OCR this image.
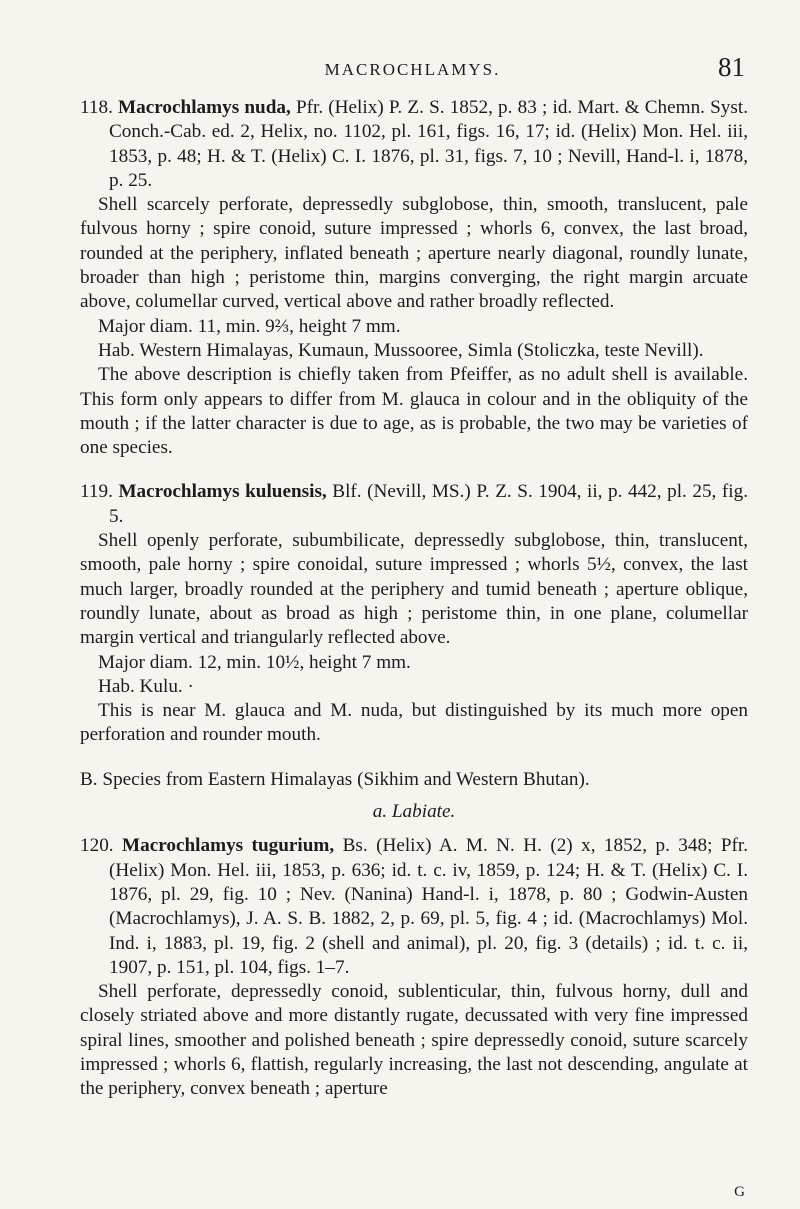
MACROCHLAMYS.	81

118. Macrochlamys nuda, Pfr. (Helix) P. Z. S. 1852, p. 83 ; id. Mart. & Chemn. Syst. Conch.-Cab. ed. 2, Helix, no. 1102, pl. 161, figs. 16, 17; id. (Helix) Mon. Hel. iii, 1853, p. 48; H. & T. (Helix) C. I. 1876, pl. 31, figs. 7, 10 ; Nevill, Hand-l. i, 1878, p. 25.

Shell scarcely perforate, depressedly subglobose, thin, smooth, translucent, pale fulvous horny ; spire conoid, suture impressed ; whorls 6, convex, the last broad, rounded at the periphery, inflated beneath ; aperture nearly diagonal, roundly lunate, broader than high ; peristome thin, margins converging, the right margin arcuate above, columellar curved, vertical above and rather broadly reflected.

Major diam. 11, min. 9⅔, height 7 mm.

Hab. Western Himalayas, Kumaun, Mussooree, Simla (Stoliczka, teste Nevill).

The above description is chiefly taken from Pfeiffer, as no adult shell is available. This form only appears to differ from M. glauca in colour and in the obliquity of the mouth ; if the latter character is due to age, as is probable, the two may be varieties of one species.

119. Macrochlamys kuluensis, Blf. (Nevill, MS.) P. Z. S. 1904, ii, p. 442, pl. 25, fig. 5.

Shell openly perforate, subumbilicate, depressedly subglobose, thin, translucent, smooth, pale horny ; spire conoidal, suture impressed ; whorls 5½, convex, the last much larger, broadly rounded at the periphery and tumid beneath ; aperture oblique, roundly lunate, about as broad as high ; peristome thin, in one plane, columellar margin vertical and triangularly reflected above.

Major diam. 12, min. 10½, height 7 mm.

Hab. Kulu. ·

This is near M. glauca and M. nuda, but distinguished by its much more open perforation and rounder mouth.

B. Species from Eastern Himalayas (Sikhim and Western Bhutan).

a. Labiate.

120. Macrochlamys tugurium, Bs. (Helix) A. M. N. H. (2) x, 1852, p. 348; Pfr. (Helix) Mon. Hel. iii, 1853, p. 636; id. t. c. iv, 1859, p. 124; H. & T. (Helix) C. I. 1876, pl. 29, fig. 10 ; Nev. (Nanina) Hand-l. i, 1878, p. 80 ; Godwin-Austen (Macrochlamys), J. A. S. B. 1882, 2, p. 69, pl. 5, fig. 4 ; id. (Macrochlamys) Mol. Ind. i, 1883, pl. 19, fig. 2 (shell and animal), pl. 20, fig. 3 (details) ; id. t. c. ii, 1907, p. 151, pl. 104, figs. 1–7.

Shell perforate, depressedly conoid, sublenticular, thin, fulvous horny, dull and closely striated above and more distantly rugate, decussated with very fine impressed spiral lines, smoother and polished beneath ; spire depressedly conoid, suture scarcely impressed ; whorls 6, flattish, regularly increasing, the last not descending, angulate at the periphery, convex beneath ; aperture

G
